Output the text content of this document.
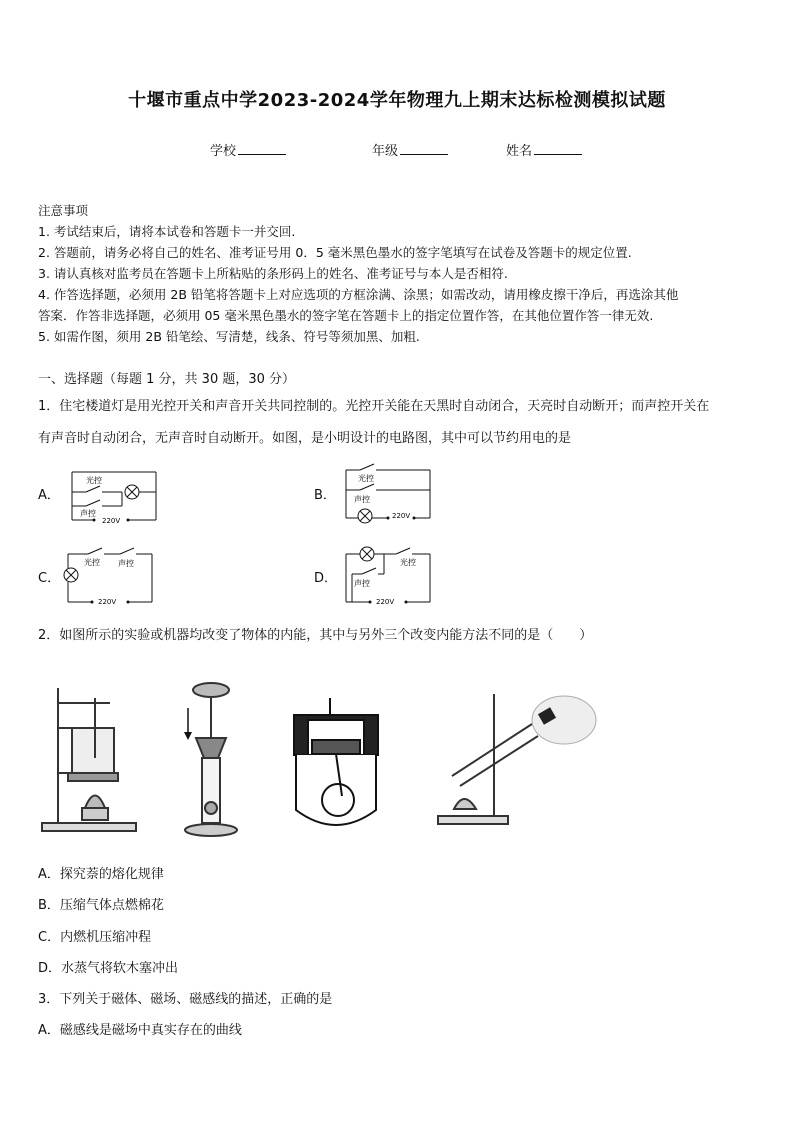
十堰市重点中学2023-2024学年物理九上期末达标检测模拟试题
学校	年级	姓名
注意事项
1. 考试结束后，请将本试卷和答题卡一并交回.
2. 答题前，请务必将自己的姓名、准考证号用 0．5 毫米黑色墨水的签字笔填写在试卷及答题卡的规定位置.
3. 请认真核对监考员在答题卡上所粘贴的条形码上的姓名、准考证号与本人是否相符.
4. 作答选择题，必须用 2B 铅笔将答题卡上对应选项的方框涂满、涂黑；如需改动，请用橡皮擦干净后，再选涂其他
答案．作答非选择题，必须用 05 毫米黑色墨水的签字笔在答题卡上的指定位置作答，在其他位置作答一律无效.
5. 如需作图，须用 2B 铅笔绘、写清楚，线条、符号等须加黑、加粗.
一、选择题（每题 1 分，共 30 题，30 分）
1．住宅楼道灯是用光控开关和声音开关共同控制的。光控开关能在天黑时自动闭合，天亮时自动断开；而声控开关在
有声音时自动闭合，无声音时自动断开。如图，是小明设计的电路图，其中可以节约用电的是
A．	B．
C．	D．
光控
声控
220V
光控
声控
220V
光控 声控
220V
光控
声控
220V
2．如图所示的实验或机器均改变了物体的内能，其中与另外三个改变内能方法不同的是（　　）
A．探究萘的熔化规律
B．压缩气体点燃棉花
C．内燃机压缩冲程
D．水蒸气将软木塞冲出
3．下列关于磁体、磁场、磁感线的描述，正确的是
A．磁感线是磁场中真实存在的曲线
